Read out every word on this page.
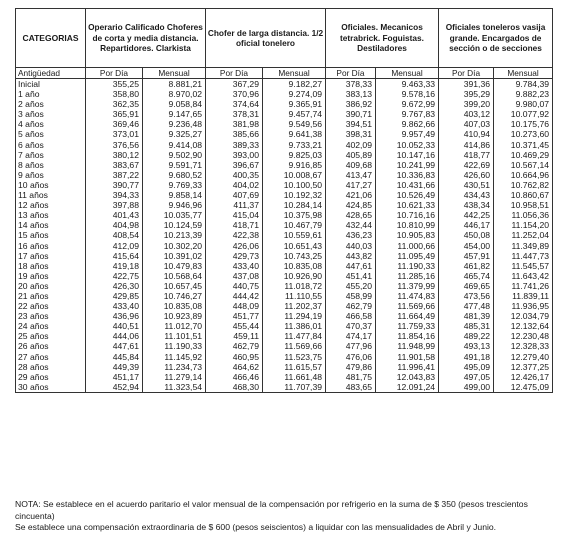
CATEGORIAS	Operario Calificado Choferes de corta y media distancia. Repartidores. Clarkista		Chofer de larga distancia. 1/2 oficial tonelero		Oficiales. Mecanicos tetrabrick. Foguistas. Destiladores		Oficiales toneleros vasija grande. Encargados de sección o de secciones	
Antigüedad	Por Día	Mensual	Por Día	Mensual	Por Día	Mensual	Por Día	Mensual
Inicial	355,25	8.881,21	367,29	9.182,27	378,33	9.463,33	391,36	9.784,39
1 año	358,80	8.970,02	370,96	9.274,09	383,13	9.578,16	395,29	9.882,23
2 años	362,35	9.058,84	374,64	9.365,91	386,92	9.672,99	399,20	9.980,07
3 años	365,91	9.147,65	378,31	9.457,74	390,71	9.767,83	403,12	10.077,92
4 años	369,46	9.236,48	381,98	9.549,56	394,51	9.862,66	407,03	10.175,76
5 años	373,01	9.325,27	385,66	9.641,38	398,31	9.957,49	410,94	10.273,60
6 años	376,56	9.414,08	389,33	9.733,21	402,09	10.052,33	414,86	10.371,45
7 años	380,12	9.502,90	393,00	9.825,03	405,89	10.147,16	418,77	10.469,29
8 años	383,67	9.591,71	396,67	9.916,85	409,68	10.241,99	422,69	10.567,14
9 años	387,22	9.680,52	400,35	10.008,67	413,47	10.336,83	426,60	10.664,96
10 años	390,77	9.769,33	404,02	10.100,50	417,27	10.431,66	430,51	10.762,82
11 años	394,33	9.858,14	407,69	10.192,32	421,06	10.526,49	434,43	10.860,67
12 años	397,88	9.946,96	411,37	10.284,14	424,85	10.621,33	438,34	10.958,51
13 años	401,43	10.035,77	415,04	10.375,98	428,65	10.716,16	442,25	11.056,36
14 años	404,98	10.124,59	418,71	10.467,79	432,44	10.810,99	446,17	11.154,20
15 años	408,54	10.213,39	422,38	10.559,61	436,23	10.905,83	450,08	11.252,04
16 años	412,09	10.302,20	426,06	10.651,43	440,03	11.000,66	454,00	11.349,89
17 años	415,64	10.391,02	429,73	10.743,25	443,82	11.095,49	457,91	11.447,73
18 años	419,18	10.479,83	433,40	10.835,08	447,61	11.190,33	461,82	11.545,57
19 años	422,75	10.568,64	437,08	10.926,90	451,41	11.285,16	465,74	11.643,42
20 años	426,30	10.657,45	440,75	11.018,72	455,20	11.379,99	469,65	11.741,26
21 años	429,85	10.746,27	444,42	11.110,55	458,99	11.474,83	473,56	11.839,11
22 años	433,40	10.835,08	448,09	11.202,37	462,79	11.569,66	477,48	11.936,95
23 años	436,96	10.923,89	451,77	11.294,19	466,58	11.664,49	481,39	12.034,79
24 años	440,51	11.012,70	455,44	11.386,01	470,37	11.759,33	485,31	12.132,64
25 años	444,06	11.101,51	459,11	11.477,84	474,17	11.854,16	489,22	12.230,48
26 años	447,61	11.190,33	462,79	11.569,66	477,96	11.948,99	493,13	12.328,33
27 años	445,84	11.145,92	460,95	11.523,75	476,06	11.901,58	491,18	12.279,40
28 años	449,39	11.234,73	464,62	11.615,57	479,86	11.996,41	495,09	12.377,25
29 años	451,17	11.279,14	466,46	11.661,48	481,75	12.043,83	497,05	12.426,17
30 años	452,94	11.323,54	468,30	11.707,39	483,65	12.091,24	499,00	12.475,09
NOTA: Se establece en el acuerdo paritario el valor mensual de la compensación por refrigerio en la suma de $ 350 (pesos trescientos cincuenta)
Se establece una compensación extraordinaria de $ 600 (pesos seiscientos) a liquidar con las mensualidades de Abril y Junio.
